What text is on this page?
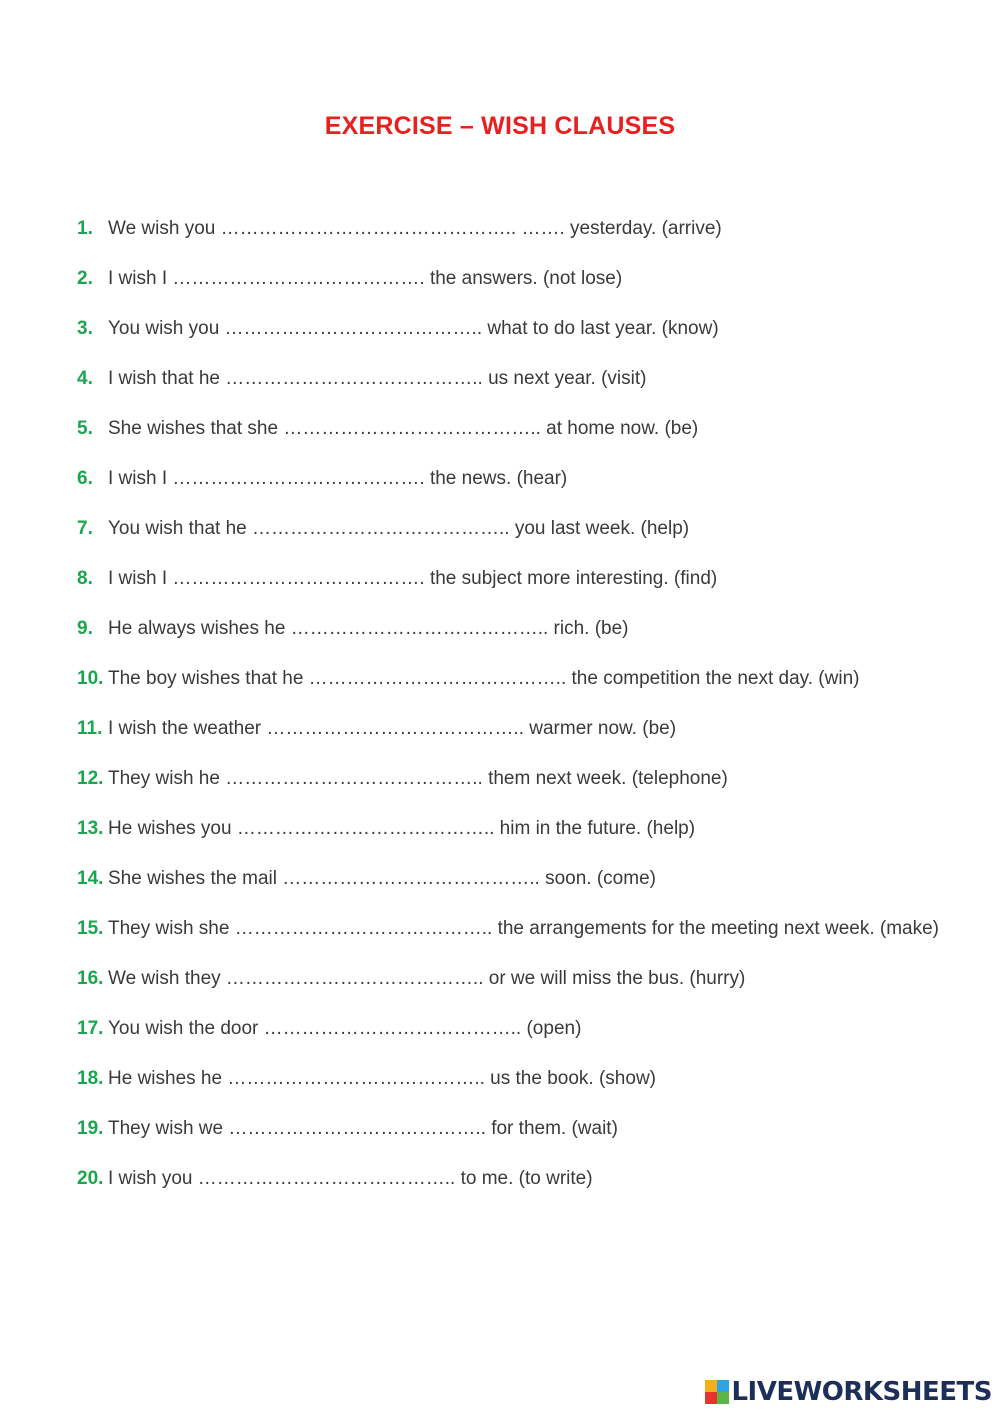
EXERCISE – WISH CLAUSES
1. We wish you ……………………………………….. ……. yesterday. (arrive)
2. I wish I …………………………………. the answers. (not lose)
3. You wish you ………………………………….. what to do last year. (know)
4. I wish that he ………………………………….. us next year. (visit)
5. She wishes that she ………………………………….. at home now. (be)
6. I wish I …………………………………. the news. (hear)
7. You wish that he ………………………………….. you last week. (help)
8. I wish I …………………………………. the subject more interesting. (find)
9. He always wishes he ………………………………….. rich. (be)
10. The boy wishes that he ………………………………….. the competition the next day. (win)
11. I wish the weather ………………………………….. warmer now. (be)
12. They wish he ………………………………….. them next week. (telephone)
13. He wishes you ………………………………….. him in the future. (help)
14. She wishes the mail ………………………………….. soon. (come)
15. They wish she ………………………………….. the arrangements for the meeting next week. (make)
16. We wish they ………………………………….. or we will miss the bus. (hurry)
17. You wish the door ………………………………….. (open)
18. He wishes he ………………………………….. us the book. (show)
19. They wish we ………………………………….. for them. (wait)
20. I wish you ………………………………….. to me. (to write)
LIVEWORKSHEETS
